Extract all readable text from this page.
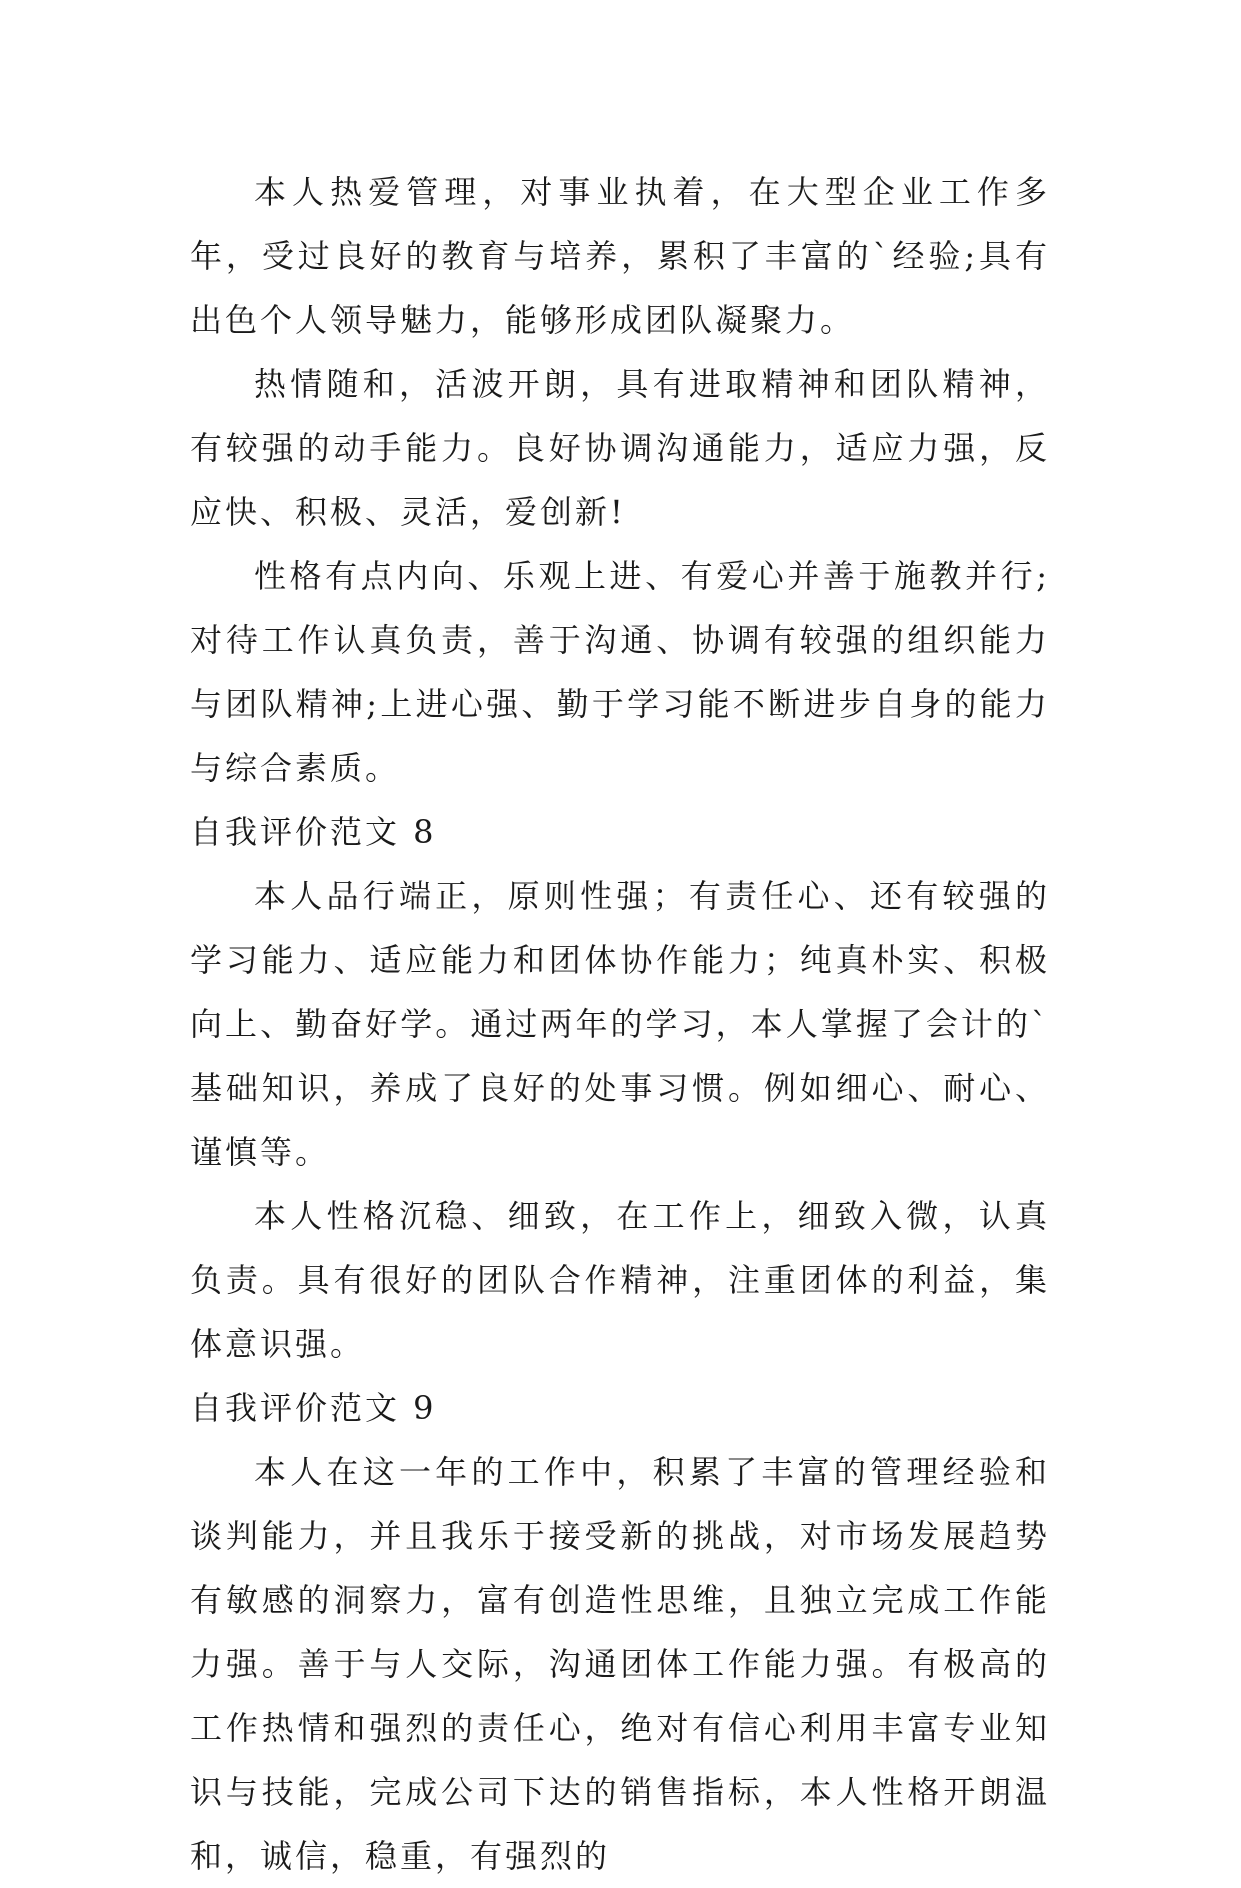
本人热爱管理，对事业执着，在大型企业工作多年，受过良好的教育与培养，累积了丰富的`经验;具有出色个人领导魅力，能够形成团队凝聚力。

热情随和，活波开朗，具有进取精神和团队精神，有较强的动手能力。良好协调沟通能力，适应力强，反应快、积极、灵活，爱创新!

性格有点内向、乐观上进、有爱心并善于施教并行;对待工作认真负责，善于沟通、协调有较强的组织能力与团队精神;上进心强、勤于学习能不断进步自身的能力与综合素质。

自我评价范文 8

本人品行端正，原则性强；有责任心、还有较强的学习能力、适应能力和团体协作能力；纯真朴实、积极向上、勤奋好学。通过两年的学习，本人掌握了会计的`基础知识，养成了良好的处事习惯。例如细心、耐心、谨慎等。

本人性格沉稳、细致，在工作上，细致入微，认真负责。具有很好的团队合作精神，注重团体的利益，集体意识强。

自我评价范文 9

本人在这一年的工作中，积累了丰富的管理经验和谈判能力，并且我乐于接受新的挑战，对市场发展趋势有敏感的洞察力，富有创造性思维，且独立完成工作能力强。善于与人交际，沟通团体工作能力强。有极高的工作热情和强烈的责任心，绝对有信心利用丰富专业知识与技能，完成公司下达的销售指标，本人性格开朗温和，诚信，稳重，有强烈的
